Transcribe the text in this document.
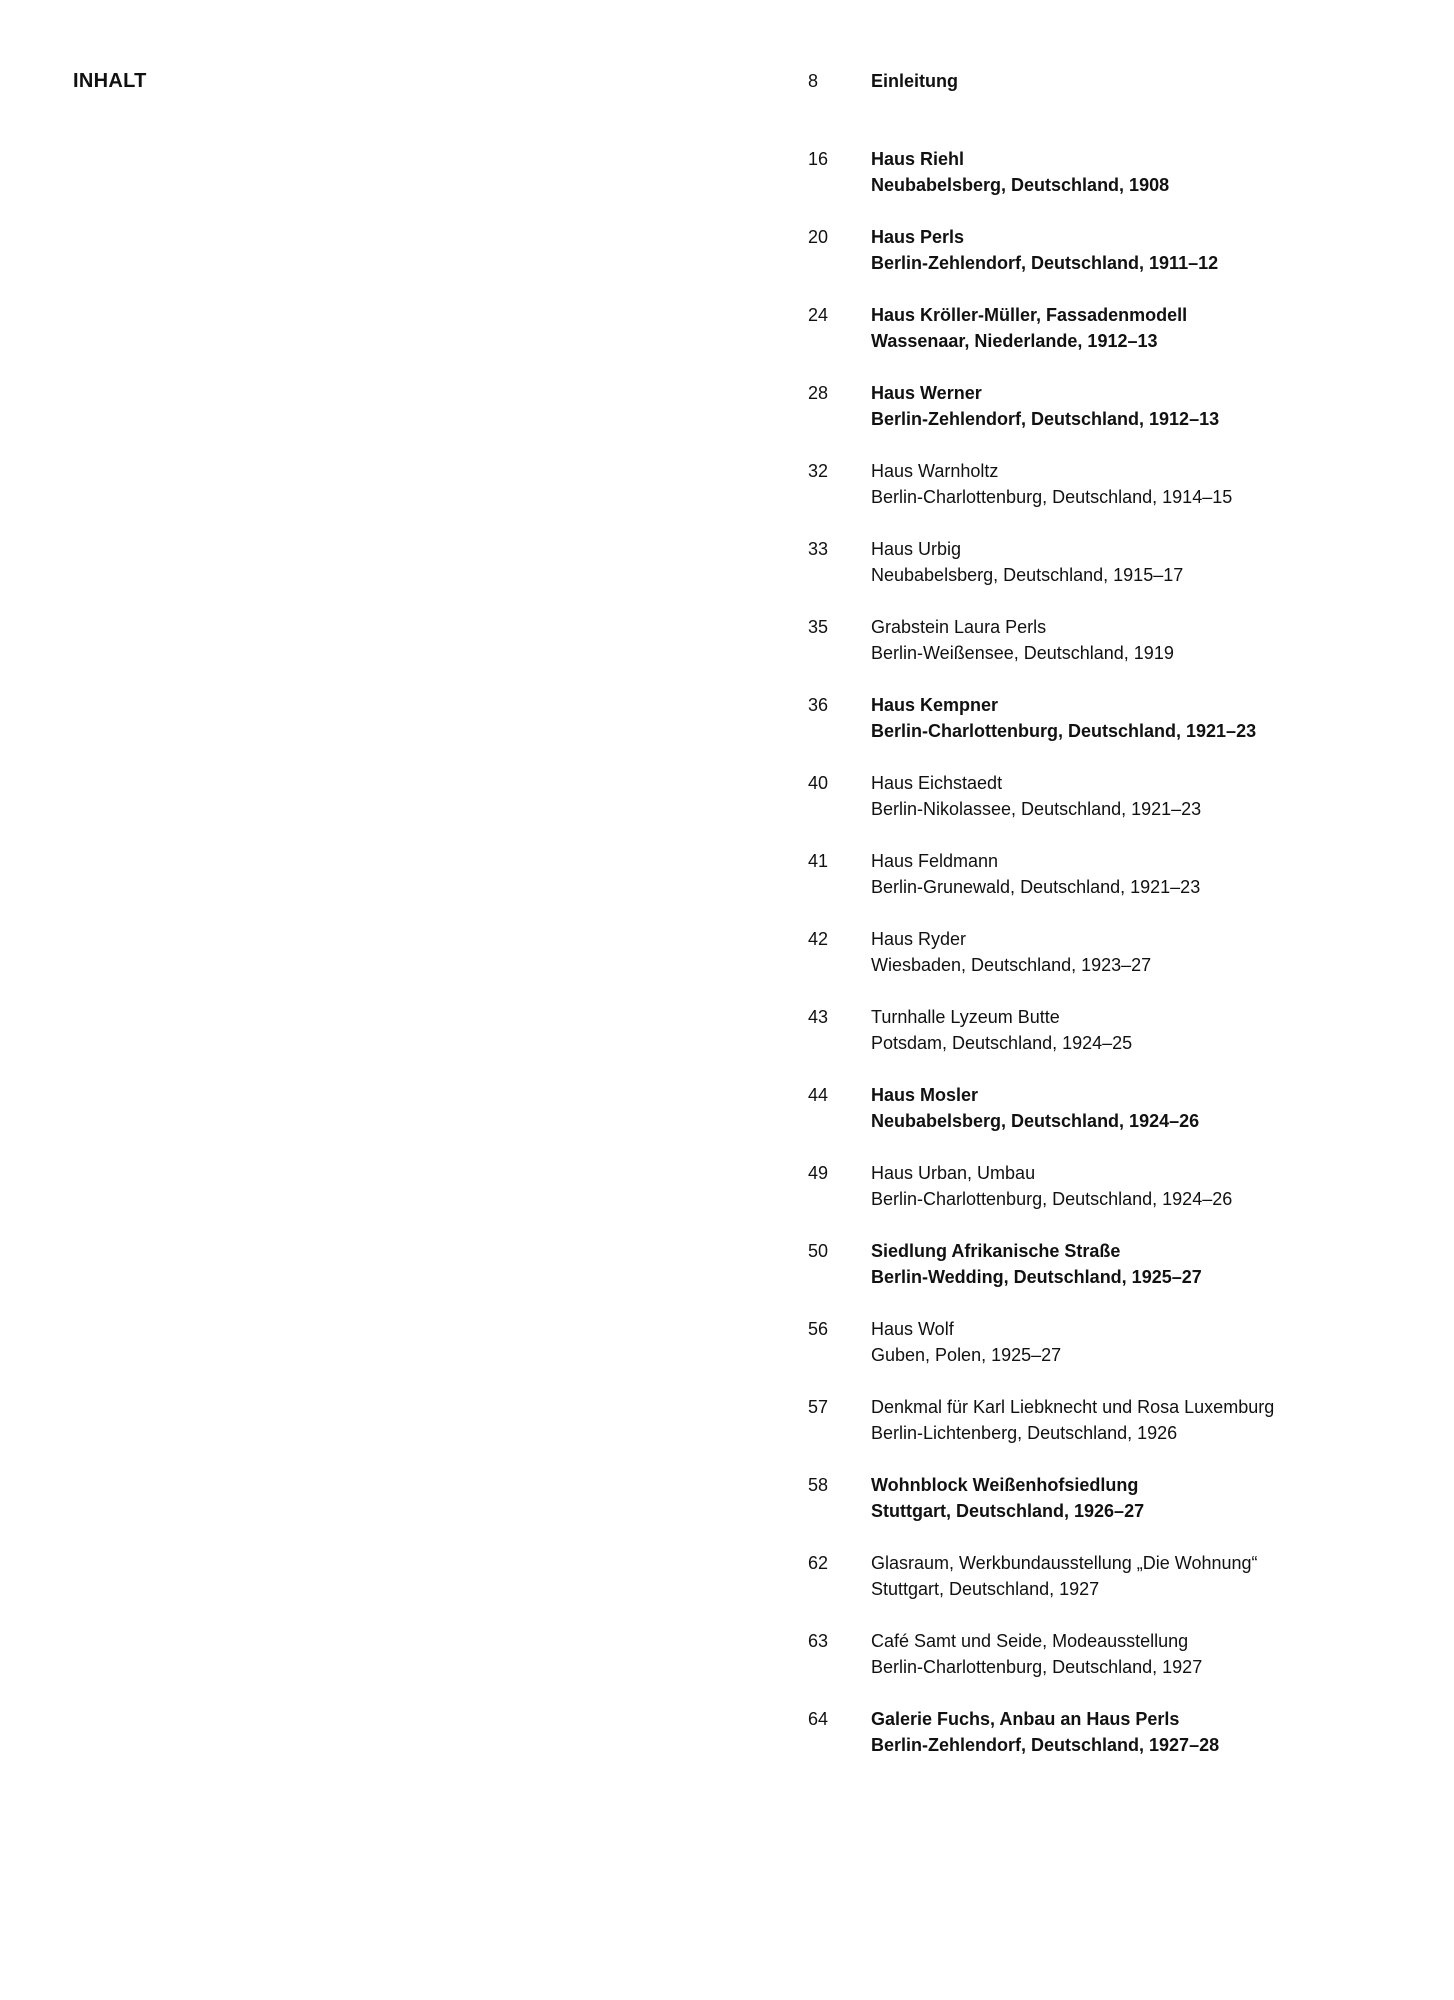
INHALT	8	Einleitung
16	Haus Riehl
Neubabelsberg, Deutschland, 1908
20	Haus Perls
Berlin-Zehlendorf, Deutschland, 1911–12
24	Haus Kröller-Müller, Fassadenmodell
Wassenaar, Niederlande, 1912–13
28	Haus Werner
Berlin-Zehlendorf, Deutschland, 1912–13
32	Haus Warnholtz
Berlin-Charlottenburg, Deutschland, 1914–15
33	Haus Urbig
Neubabelsberg, Deutschland, 1915–17
35	Grabstein Laura Perls
Berlin-Weißensee, Deutschland, 1919
36	Haus Kempner
Berlin-Charlottenburg, Deutschland, 1921–23
40	Haus Eichstaedt
Berlin-Nikolassee, Deutschland, 1921–23
41	Haus Feldmann
Berlin-Grunewald, Deutschland, 1921–23
42	Haus Ryder
Wiesbaden, Deutschland, 1923–27
43	Turnhalle Lyzeum Butte
Potsdam, Deutschland, 1924–25
44	Haus Mosler
Neubabelsberg, Deutschland, 1924–26
49	Haus Urban, Umbau
Berlin-Charlottenburg, Deutschland, 1924–26
50	Siedlung Afrikanische Straße
Berlin-Wedding, Deutschland, 1925–27
56	Haus Wolf
Guben, Polen, 1925–27
57	Denkmal für Karl Liebknecht und Rosa Luxemburg
Berlin-Lichtenberg, Deutschland, 1926
58	Wohnblock Weißenhofsiedlung
Stuttgart, Deutschland, 1926–27
62	Glasraum, Werkbundausstellung „Die Wohnung“
Stuttgart, Deutschland, 1927
63	Café Samt und Seide, Modeausstellung
Berlin-Charlottenburg, Deutschland, 1927
64	Galerie Fuchs, Anbau an Haus Perls
Berlin-Zehlendorf, Deutschland, 1927–28
